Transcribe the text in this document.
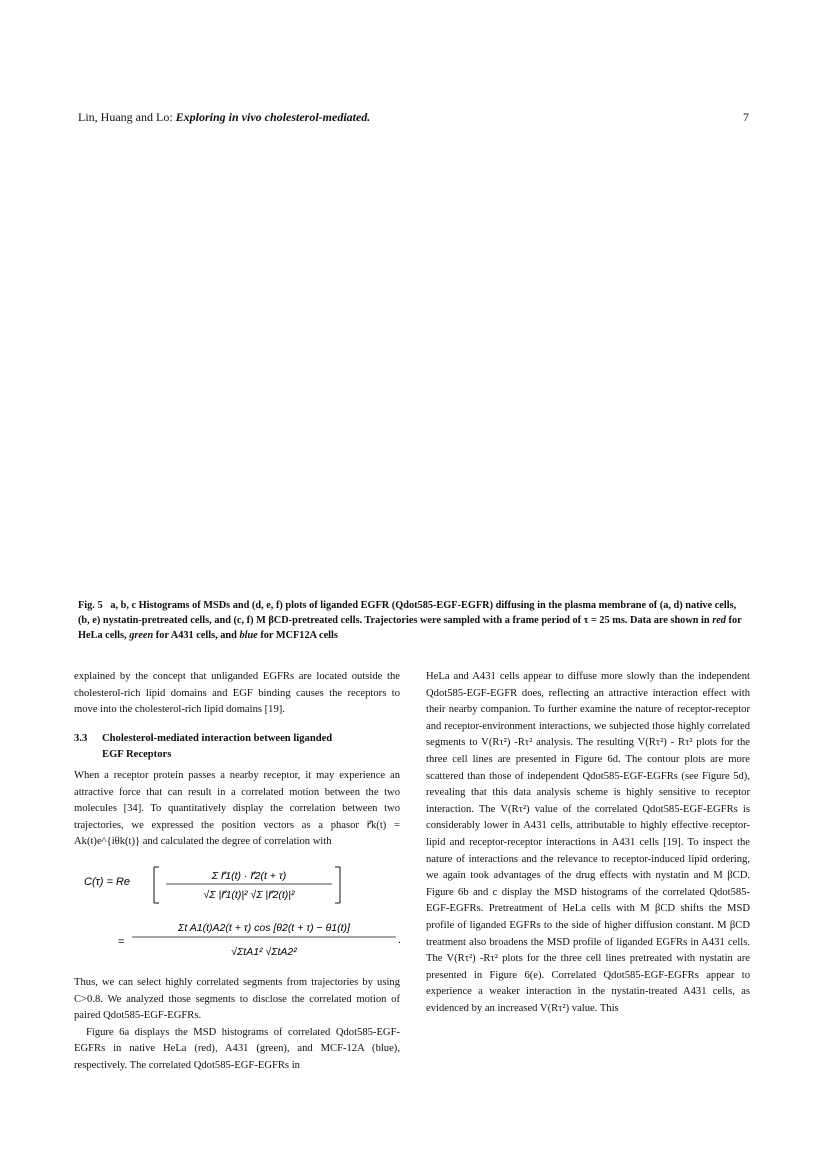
Lin, Huang and Lo: Exploring in vivo cholesterol-mediated.	7
Fig. 5 a, b, c Histograms of MSDs and (d, e, f) plots of liganded EGFR (Qdot585-EGF-EGFR) diffusing in the plasma membrane of (a, d) native cells, (b, e) nystatin-pretreated cells, and (c, f) M βCD-pretreated cells. Trajectories were sampled with a frame period of τ = 25 ms. Data are shown in red for HeLa cells, green for A431 cells, and blue for MCF12A cells

explained by the concept that unliganded EGFRs are located outside the cholesterol-rich lipid domains and EGF binding causes the receptors to move into the cholesterol-rich lipid domains [19].

3.3 Cholesterol-mediated interaction between liganded
EGF Receptors

When a receptor protein passes a nearby receptor, it may experience an attractive force that can result in a correlated motion between the two molecules [34]. To quantitatively display the correlation between two trajectories, we expressed the position vectors as a phasor r⃗k(t) = Ak(t)e^{iθk(t)} and calculated the degree of correlation with

C(τ) = Re	Σ r⃗1(t) · r⃗2(t + τ)
√Σ |r⃗1(t)|² √Σ |r⃗2(t)|²
=
Σt A1(t)A2(t + τ) cos [θ2(t + τ) − θ1(t)]
√ΣtA1² √ΣtA2²
.

Thus, we can select highly correlated segments from trajectories by using C>0.8. We analyzed those segments to disclose the correlated motion of paired Qdot585-EGF-EGFRs.

Figure 6a displays the MSD histograms of correlated Qdot585-EGF-EGFRs in native HeLa (red), A431 (green), and MCF-12A (blue), respectively. The correlated Qdot585-EGF-EGFRs in

HeLa and A431 cells appear to diffuse more slowly than the independent Qdot585-EGF-EGFR does, reflecting an attractive interaction effect with their nearby companion. To further examine the nature of receptor-receptor and receptor-environment interactions, we subjected those highly correlated segments to V(Rτ²) -Rτ² analysis. The resulting V(Rτ²) - Rτ² plots for the three cell lines are presented in Figure 6d. The contour plots are more scattered than those of independent Qdot585-EGF-EGFRs (see Figure 5d), revealing that this data analysis scheme is highly sensitive to receptor interaction. The V(Rτ²) value of the correlated Qdot585-EGF-EGFRs is considerably lower in A431 cells, attributable to highly effective receptor-lipid and receptor-receptor interactions in A431 cells [19]. To inspect the nature of interactions and the relevance to receptor-induced lipid ordering, we again took advantages of the drug effects with nystatin and M βCD. Figure 6b and c display the MSD histograms of the correlated Qdot585-EGF-EGFRs. Pretreatment of HeLa cells with M βCD shifts the MSD profile of liganded EGFRs to the side of higher diffusion constant. M βCD treatment also broadens the MSD profile of liganded EGFRs in A431 cells. The V(Rτ²) -Rτ² plots for the three cell lines pretreated with nystatin are presented in Figure 6(e). Correlated Qdot585-EGF-EGFRs appear to experience a weaker interaction in the nystatin-treated A431 cells, as evidenced by an increased V(Rτ²) value. This
